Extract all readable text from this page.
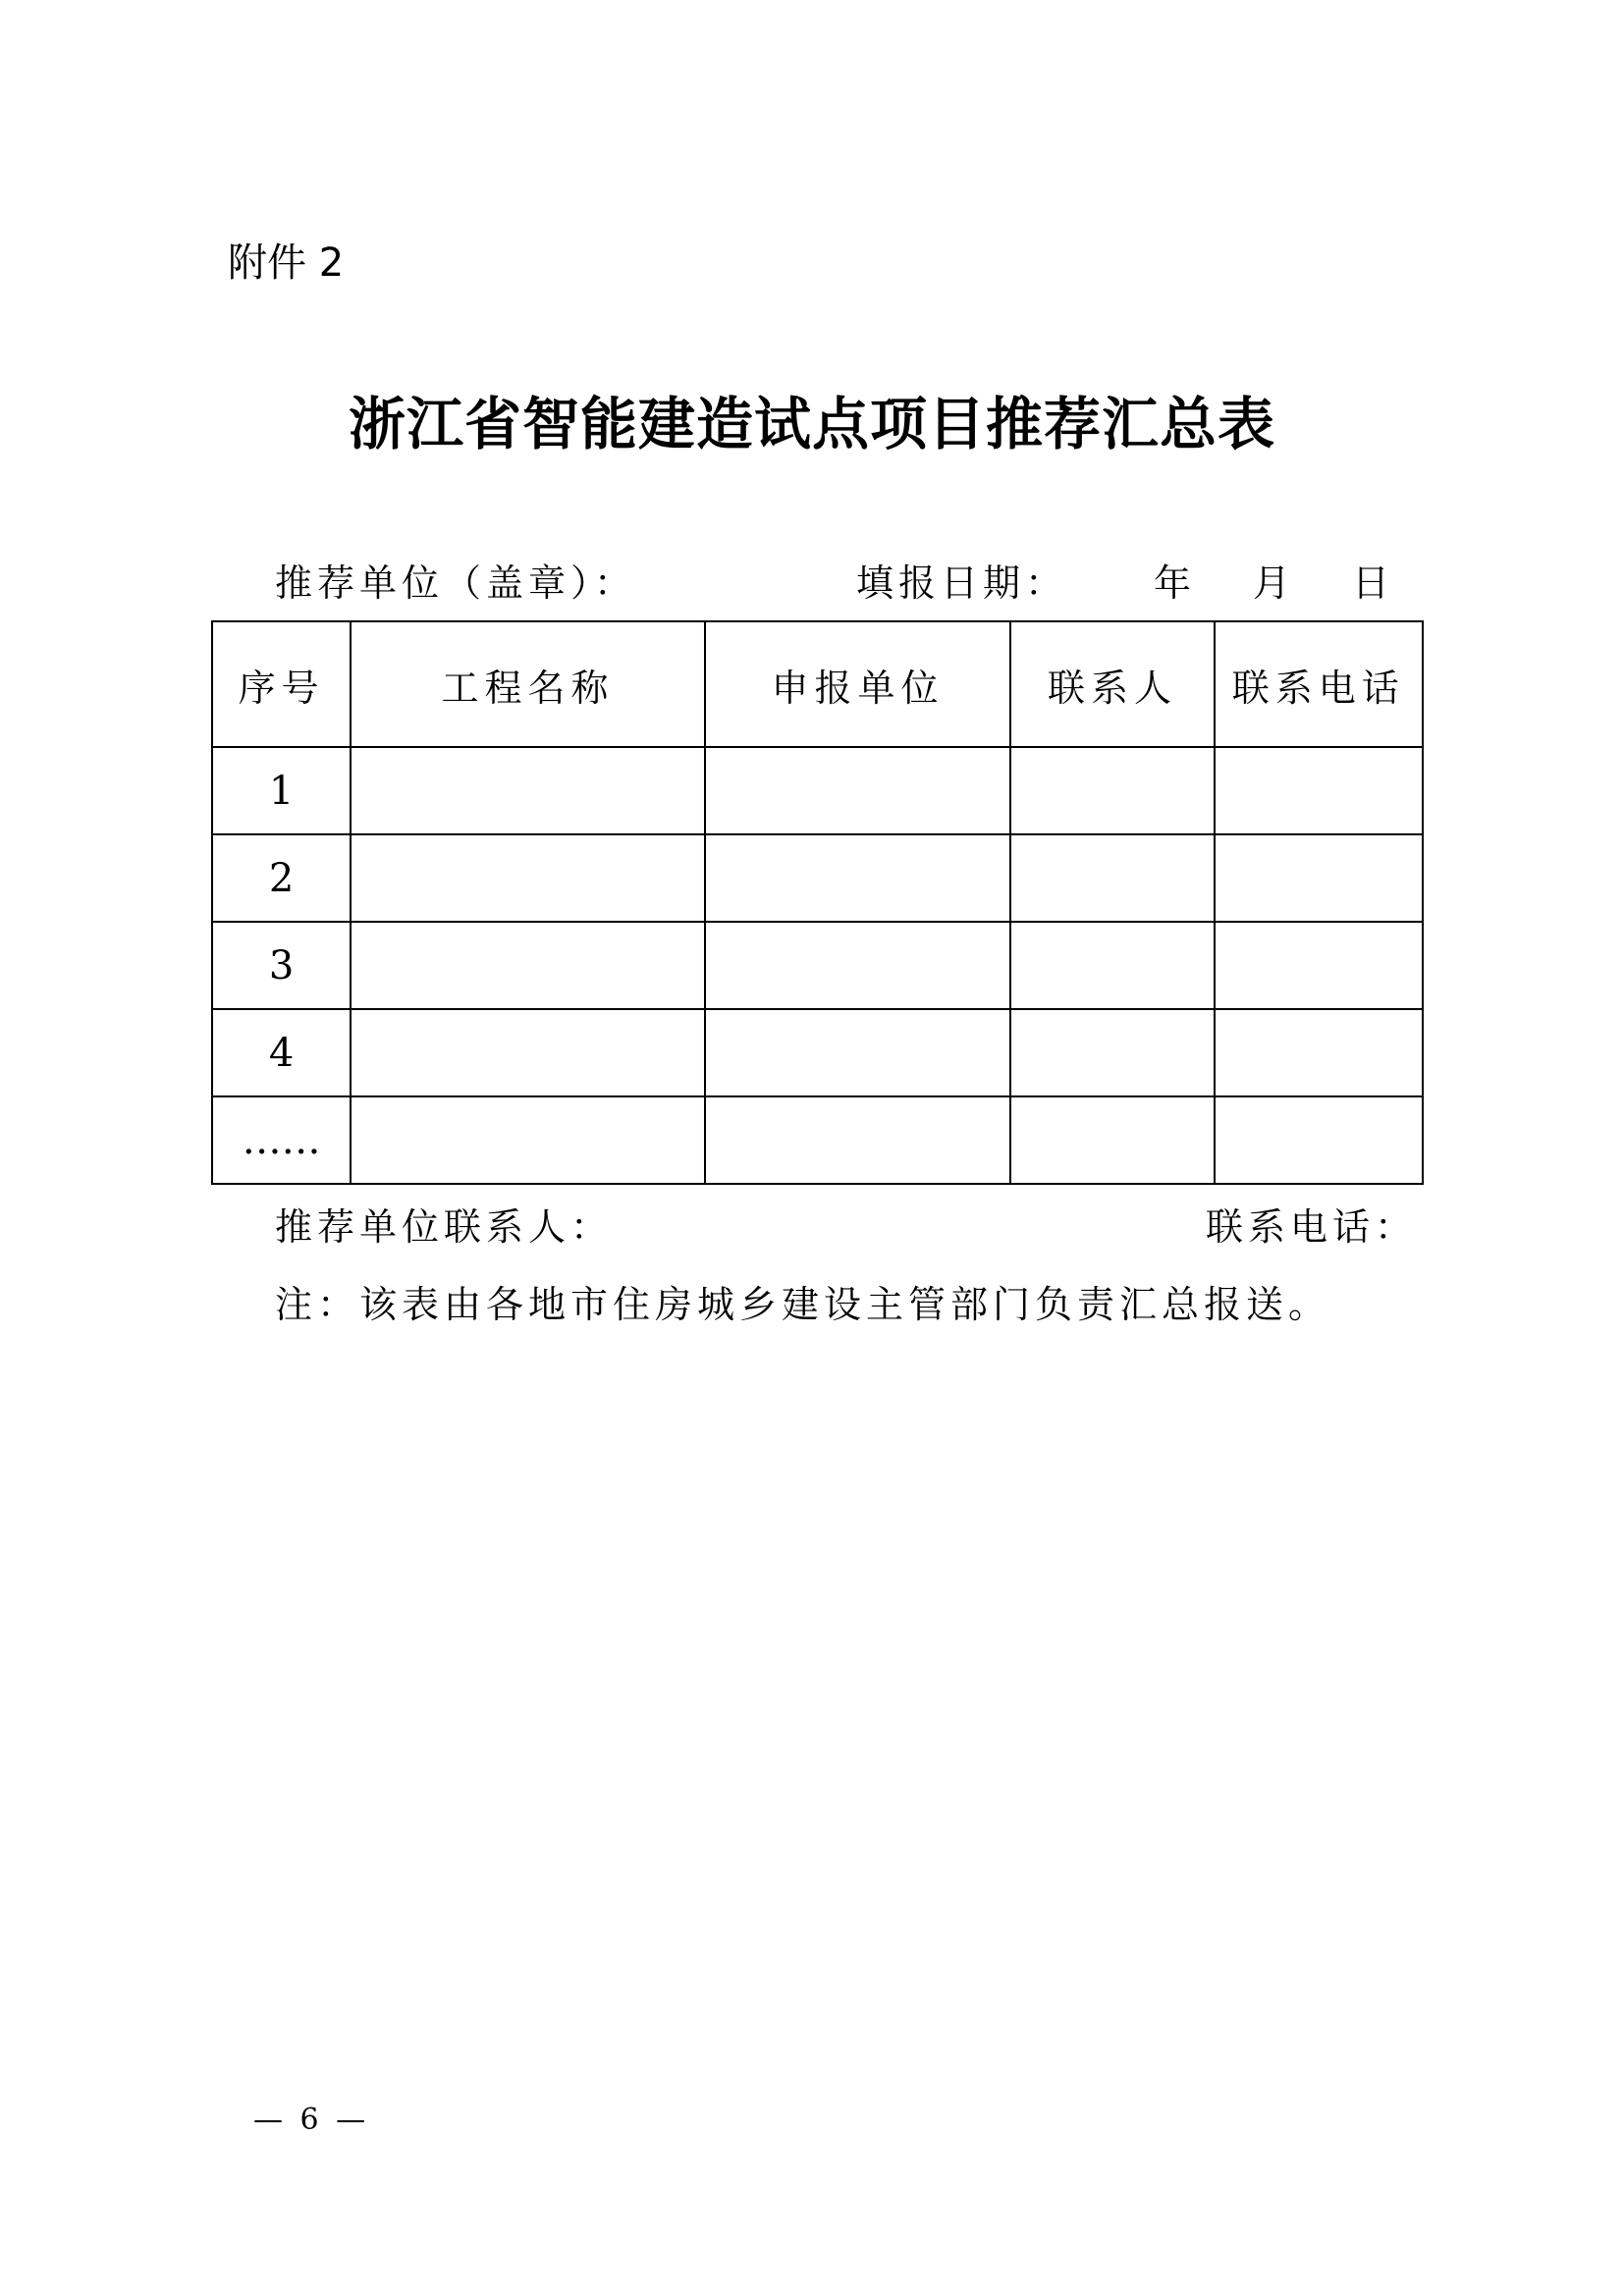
附件 2
浙江省智能建造试点项目推荐汇总表
推荐单位（盖章）：	填报日期： 年 月 日
序号	工程名称	申报单位	联系人	联系电话
1				
2				
3				
4				
……				
推荐单位联系人：	联系电话：
注：该表由各地市住房城乡建设主管部门负责汇总报送。
— 6 —
